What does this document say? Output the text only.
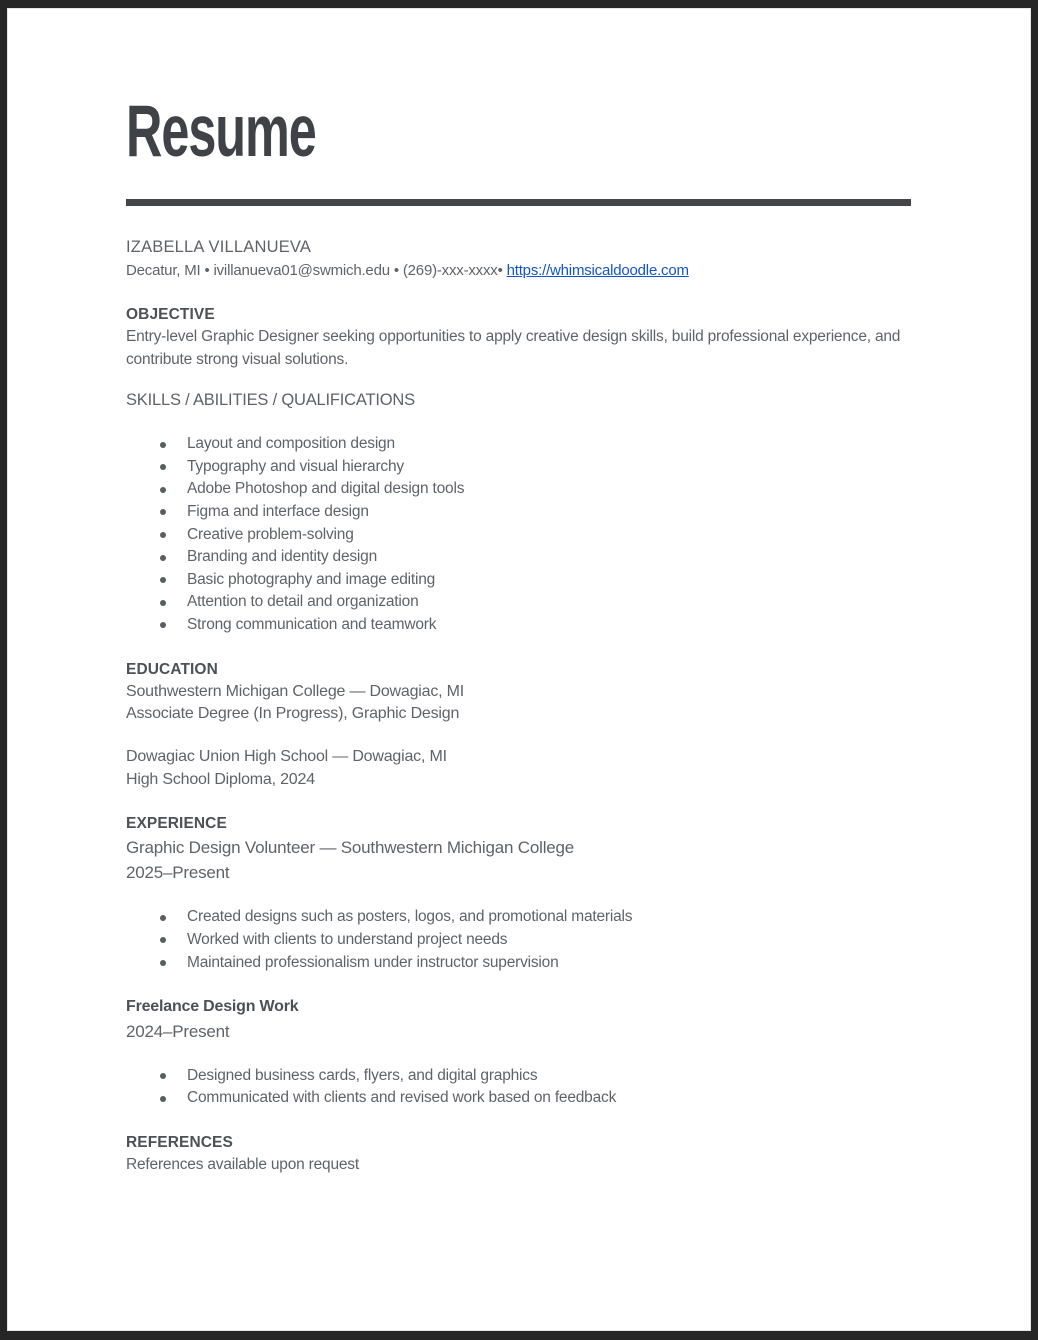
Resume
IZABELLA VILLANUEVA
Decatur, MI • ivillanueva01@swmich.edu • (269)-xxx-xxxx• https://whimsicaldoodle.com
OBJECTIVE
Entry-level Graphic Designer seeking opportunities to apply creative design skills, build professional experience, and contribute strong visual solutions.
SKILLS / ABILITIES / QUALIFICATIONS
Layout and composition design
Typography and visual hierarchy
Adobe Photoshop and digital design tools
Figma and interface design
Creative problem-solving
Branding and identity design
Basic photography and image editing
Attention to detail and organization
Strong communication and teamwork
EDUCATION
Southwestern Michigan College — Dowagiac, MI
Associate Degree (In Progress), Graphic Design
Dowagiac Union High School — Dowagiac, MI
High School Diploma, 2024
EXPERIENCE
Graphic Design Volunteer — Southwestern Michigan College
2025–Present
Created designs such as posters, logos, and promotional materials
Worked with clients to understand project needs
Maintained professionalism under instructor supervision
Freelance Design Work
2024–Present
Designed business cards, flyers, and digital graphics
Communicated with clients and revised work based on feedback
REFERENCES
References available upon request
